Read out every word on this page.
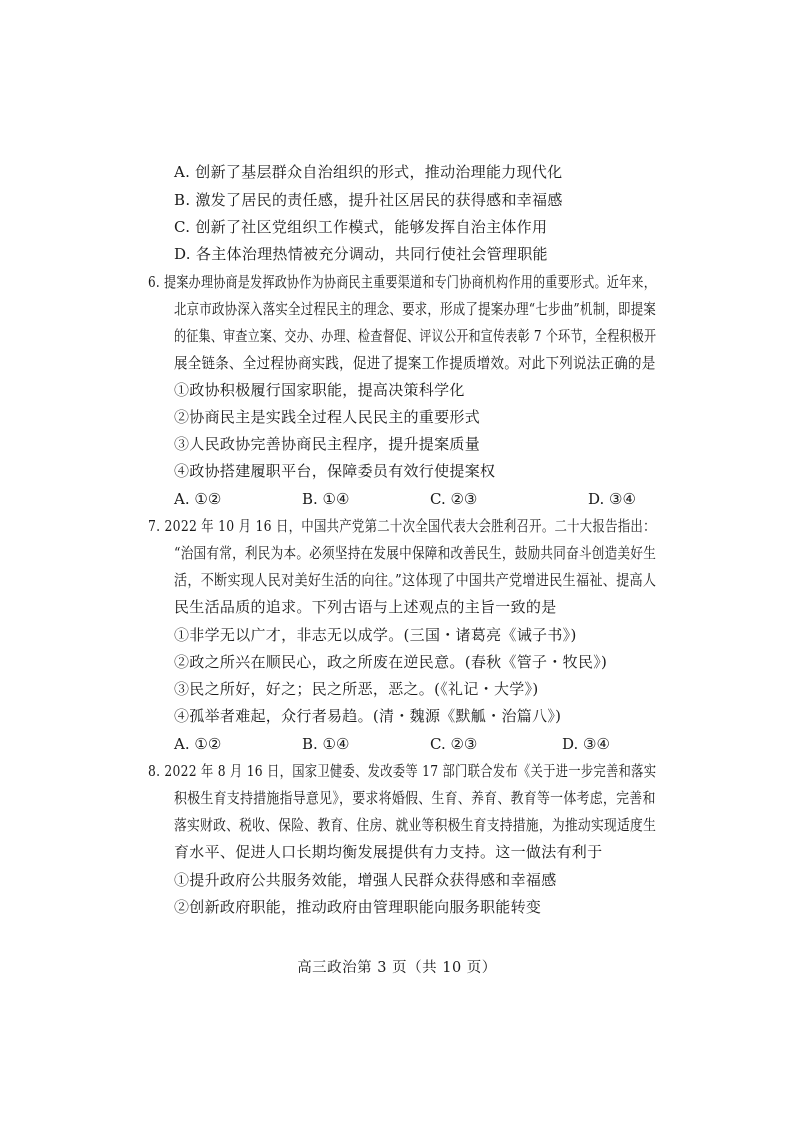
A. 创新了基层群众自治组织的形式，推动治理能力现代化
B. 激发了居民的责任感，提升社区居民的获得感和幸福感
C. 创新了社区党组织工作模式，能够发挥自治主体作用
D. 各主体治理热情被充分调动，共同行使社会管理职能
6. 提案办理协商是发挥政协作为协商民主重要渠道和专门协商机构作用的重要形式。近年来，
北京市政协深入落实全过程民主的理念、要求，形成了提案办理“七步曲”机制，即提案
的征集、审查立案、交办、办理、检查督促、评议公开和宣传表彰 7 个环节，全程积极开
展全链条、全过程协商实践，促进了提案工作提质增效。对此下列说法正确的是
①政协积极履行国家职能，提高决策科学化
②协商民主是实践全过程人民民主的重要形式
③人民政协完善协商民主程序，提升提案质量
④政协搭建履职平台，保障委员有效行使提案权
A. ①②	B. ①④	C. ②③	D. ③④
7. 2022 年 10 月 16 日，中国共产党第二十次全国代表大会胜利召开。二十大报告指出：
“治国有常，利民为本。必须坚持在发展中保障和改善民生，鼓励共同奋斗创造美好生
活，不断实现人民对美好生活的向往。”这体现了中国共产党增进民生福祉、提高人
民生活品质的追求。下列古语与上述观点的主旨一致的是
①非学无以广才，非志无以成学。(三国・诸葛亮《诫子书》)
②政之所兴在顺民心，政之所废在逆民意。(春秋《管子・牧民》)
③民之所好，好之；民之所恶，恶之。(《礼记・大学》)
④孤举者难起，众行者易趋。(清・魏源《默觚・治篇八》)
A. ①②	B. ①④	C. ②③	D. ③④
8. 2022 年 8 月 16 日，国家卫健委、发改委等 17 部门联合发布《关于进一步完善和落实
积极生育支持措施指导意见》，要求将婚假、生育、养育、教育等一体考虑，完善和
落实财政、税收、保险、教育、住房、就业等积极生育支持措施，为推动实现适度生
育水平、促进人口长期均衡发展提供有力支持。这一做法有利于
①提升政府公共服务效能，增强人民群众获得感和幸福感
②创新政府职能，推动政府由管理职能向服务职能转变
高三政治第 3 页（共 10 页）
